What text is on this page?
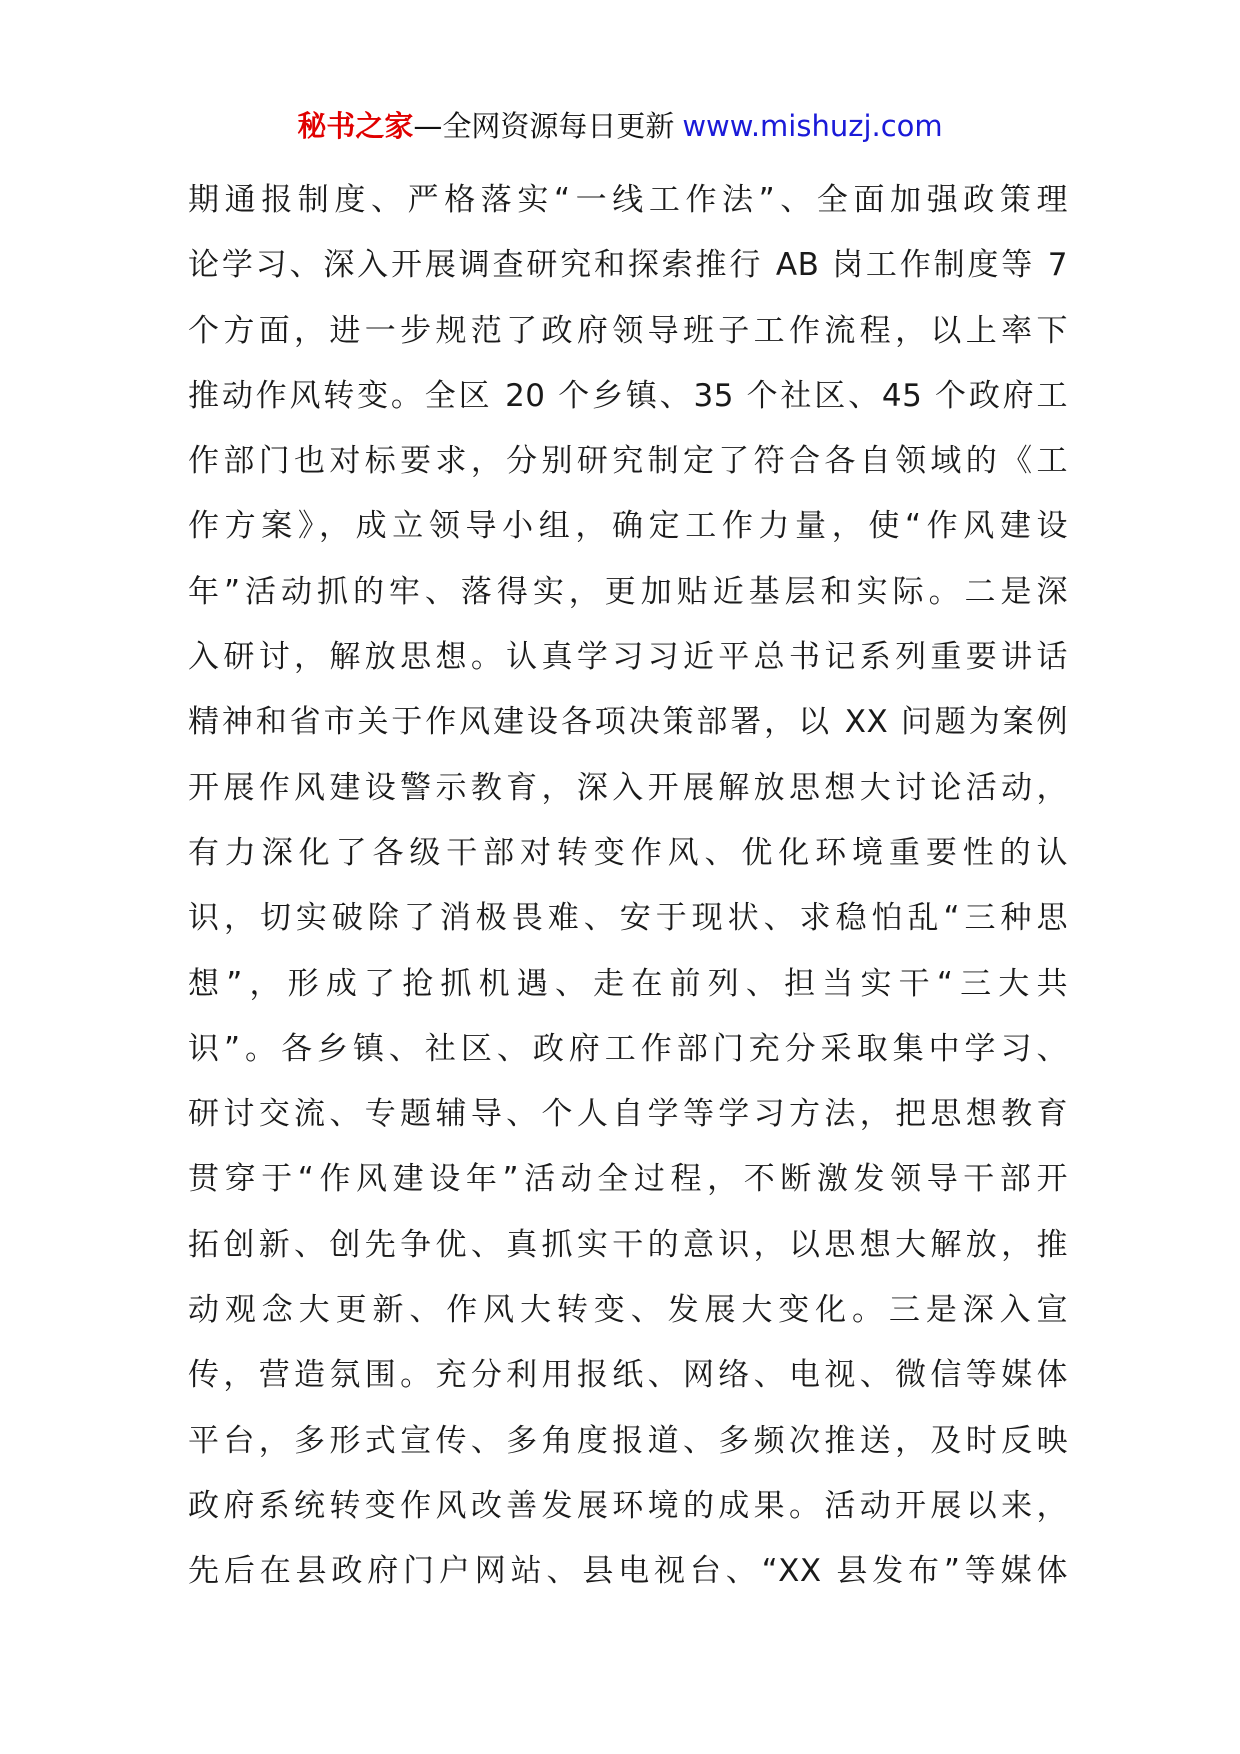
秘书之家—全网资源每日更新 www.mishuzj.com
期通报制度、严格落实“一线工作法”、全面加强政策理
论学习、深入开展调查研究和探索推行 AB 岗工作制度等 7
个方面，进一步规范了政府领导班子工作流程，以上率下
推动作风转变。全区 20 个乡镇、35 个社区、45 个政府工
作部门也对标要求，分别研究制定了符合各自领域的《工
作方案》，成立领导小组，确定工作力量，使“作风建设
年”活动抓的牢、落得实，更加贴近基层和实际。二是深
入研讨，解放思想。认真学习习近平总书记系列重要讲话
精神和省市关于作风建设各项决策部署，以 XX 问题为案例
开展作风建设警示教育，深入开展解放思想大讨论活动，
有力深化了各级干部对转变作风、优化环境重要性的认
识，切实破除了消极畏难、安于现状、求稳怕乱“三种思
想”，形成了抢抓机遇、走在前列、担当实干“三大共
识”。各乡镇、社区、政府工作部门充分采取集中学习、
研讨交流、专题辅导、个人自学等学习方法，把思想教育
贯穿于“作风建设年”活动全过程，不断激发领导干部开
拓创新、创先争优、真抓实干的意识，以思想大解放，推
动观念大更新、作风大转变、发展大变化。三是深入宣
传，营造氛围。充分利用报纸、网络、电视、微信等媒体
平台，多形式宣传、多角度报道、多频次推送，及时反映
政府系统转变作风改善发展环境的成果。活动开展以来，
先后在县政府门户网站、县电视台、“XX 县发布”等媒体
